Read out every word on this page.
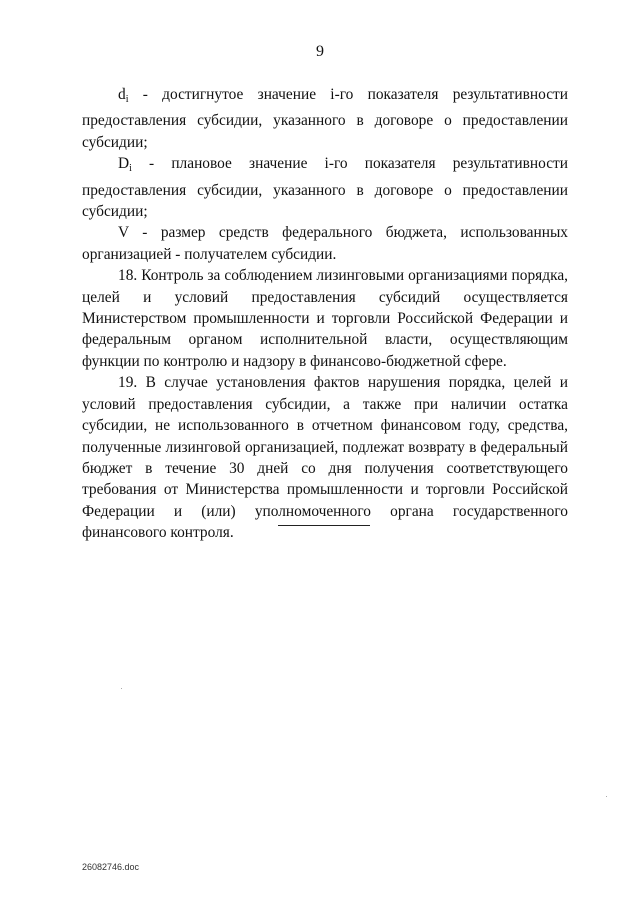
9

$d_i$ - достигнутое значение i-го показателя результативности предоставления субсидии, указанного в договоре о предоставлении субсидии;

$D_i$ - плановое значение i-го показателя результативности предоставления субсидии, указанного в договоре о предоставлении субсидии;

V - размер средств федерального бюджета, использованных организацией - получателем субсидии.

18. Контроль за соблюдением лизинговыми организациями порядка, целей и условий предоставления субсидий осуществляется Министерством промышленности и торговли Российской Федерации и федеральным органом исполнительной власти, осуществляющим функции по контролю и надзору в финансово-бюджетной сфере.

19. В случае установления фактов нарушения порядка, целей и условий предоставления субсидии, а также при наличии остатка субсидии, не использованного в отчетном финансовом году, средства, полученные лизинговой организацией, подлежат возврату в федеральный бюджет в течение 30 дней со дня получения соответствующего требования от Министерства промышленности и торговли Российской Федерации и (или) уполномоченного органа государственного финансового контроля.

26082746.doc
